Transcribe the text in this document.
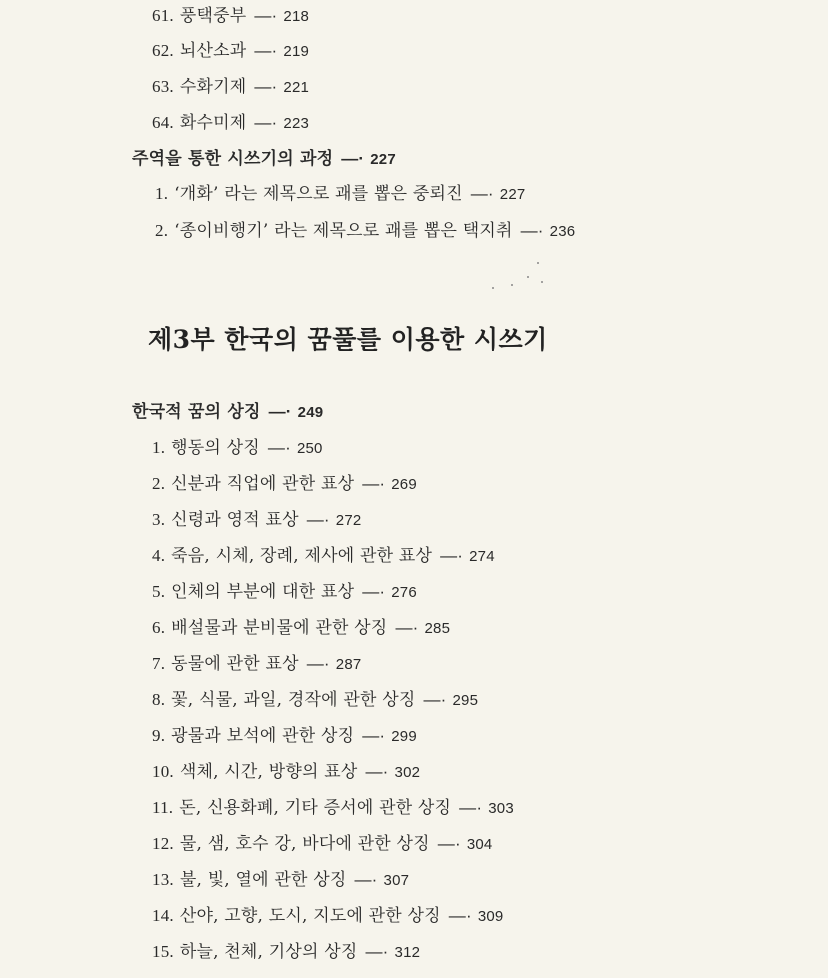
61. 풍택중부 —· 218
62. 뇌산소과 —· 219
63. 수화기제 —· 221
64. 화수미제 —· 223
주역을 통한 시쓰기의 과정 —· 227
1. ‘개화’ 라는 제목으로 괘를 뽑은 중뢰진 —· 227
2. ‘종이비행기’ 라는 제목으로 괘를 뽑은 택지취 —· 236
제3부 한국의 꿈풀를 이용한 시쓰기
한국적 꿈의 상징 —· 249
1. 행동의 상징 —· 250
2. 신분과 직업에 관한 표상 —· 269
3. 신령과 영적 표상 —· 272
4. 죽음, 시체, 장례, 제사에 관한 표상 —· 274
5. 인체의 부분에 대한 표상 —· 276
6. 배설물과 분비물에 관한 상징 —· 285
7. 동물에 관한 표상 —· 287
8. 꽃, 식물, 과일, 경작에 관한 상징 —· 295
9. 광물과 보석에 관한 상징 —· 299
10. 색체, 시간, 방향의 표상 —· 302
11. 돈, 신용화폐, 기타 증서에 관한 상징 —· 303
12. 물, 샘, 호수 강, 바다에 관한 상징 —· 304
13. 불, 빛, 열에 관한 상징 —· 307
14. 산야, 고향, 도시, 지도에 관한 상징 —· 309
15. 하늘, 천체, 기상의 상징 —· 312
